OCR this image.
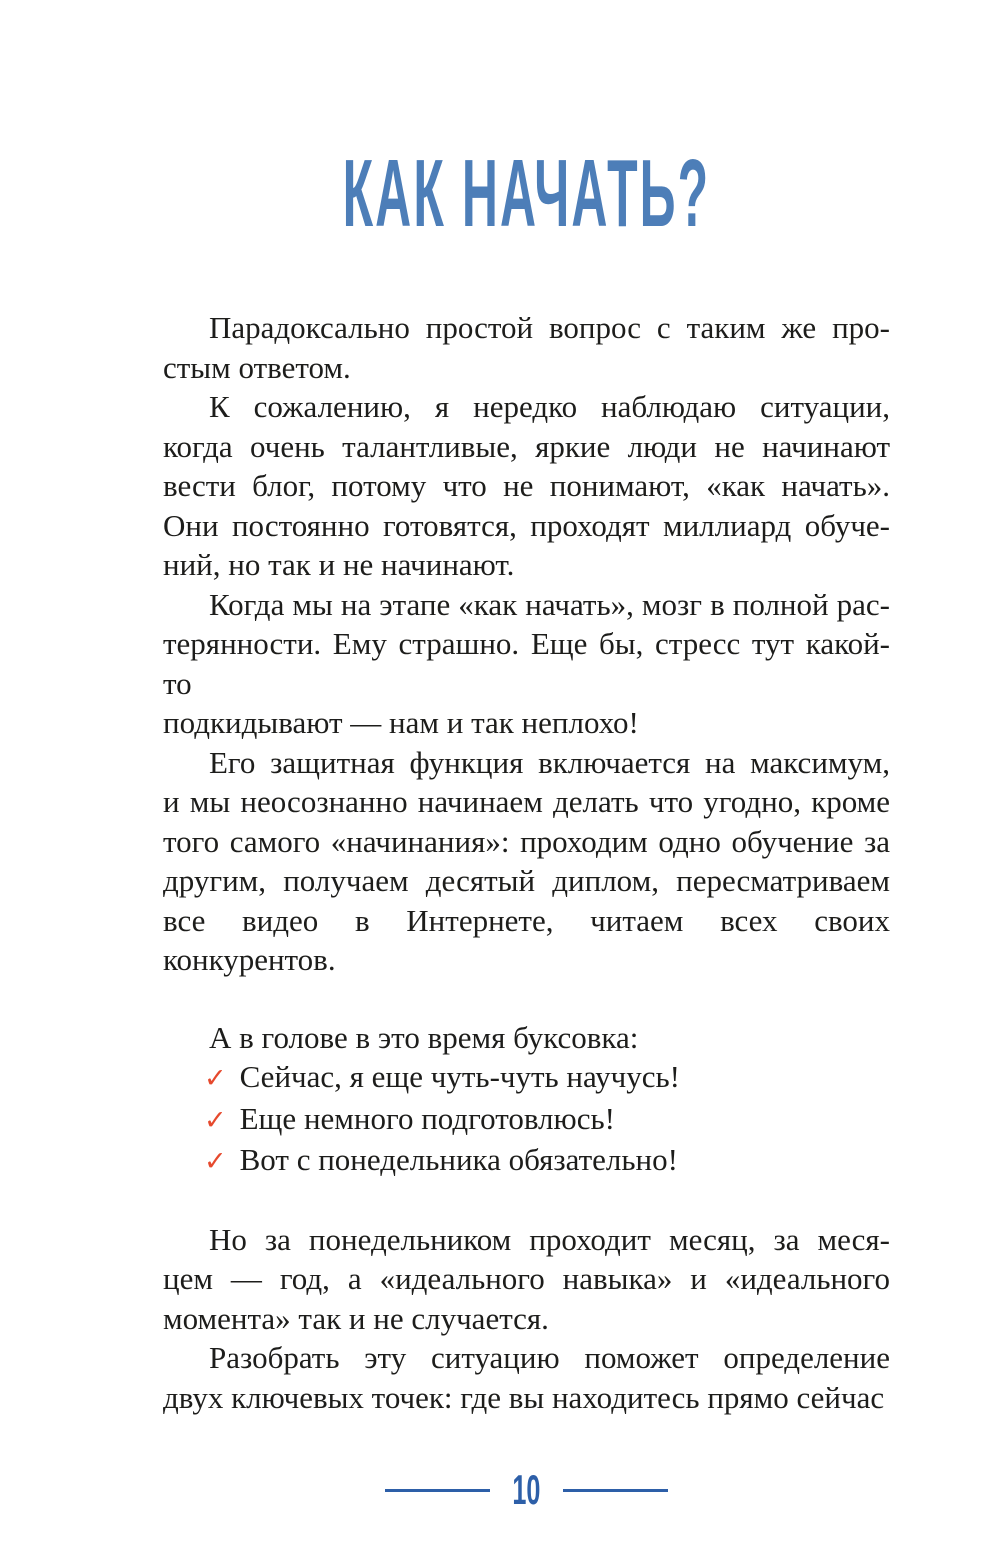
КАК НАЧАТЬ?
Парадоксально простой вопрос с таким же про-
стым ответом.
К сожалению, я нередко наблюдаю ситуации,
когда очень талантливые, яркие люди не начинают
вести блог, потому что не понимают, «как начать».
Они постоянно готовятся, проходят миллиард обуче-
ний, но так и не начинают.
Когда мы на этапе «как начать», мозг в полной рас-
терянности. Ему страшно. Еще бы, стресс тут какой-то
подкидывают — нам и так неплохо!
Его защитная функция включается на максимум,
и мы неосознанно начинаем делать что угодно, кроме
того самого «начинания»: проходим одно обучение за
другим, получаем десятый диплом, пересматриваем
все видео в Интернете, читаем всех своих конкурентов.
А в голове в это время буксовка:
✓ Сейчас, я еще чуть-чуть научусь!
✓ Еще немного подготовлюсь!
✓ Вот с понедельника обязательно!
Но за понедельником проходит месяц, за меся-
цем — год, а «идеального навыка» и «идеального
момента» так и не случается.
Разобрать эту ситуацию поможет определение
двух ключевых точек: где вы находитесь прямо сейчас
10
